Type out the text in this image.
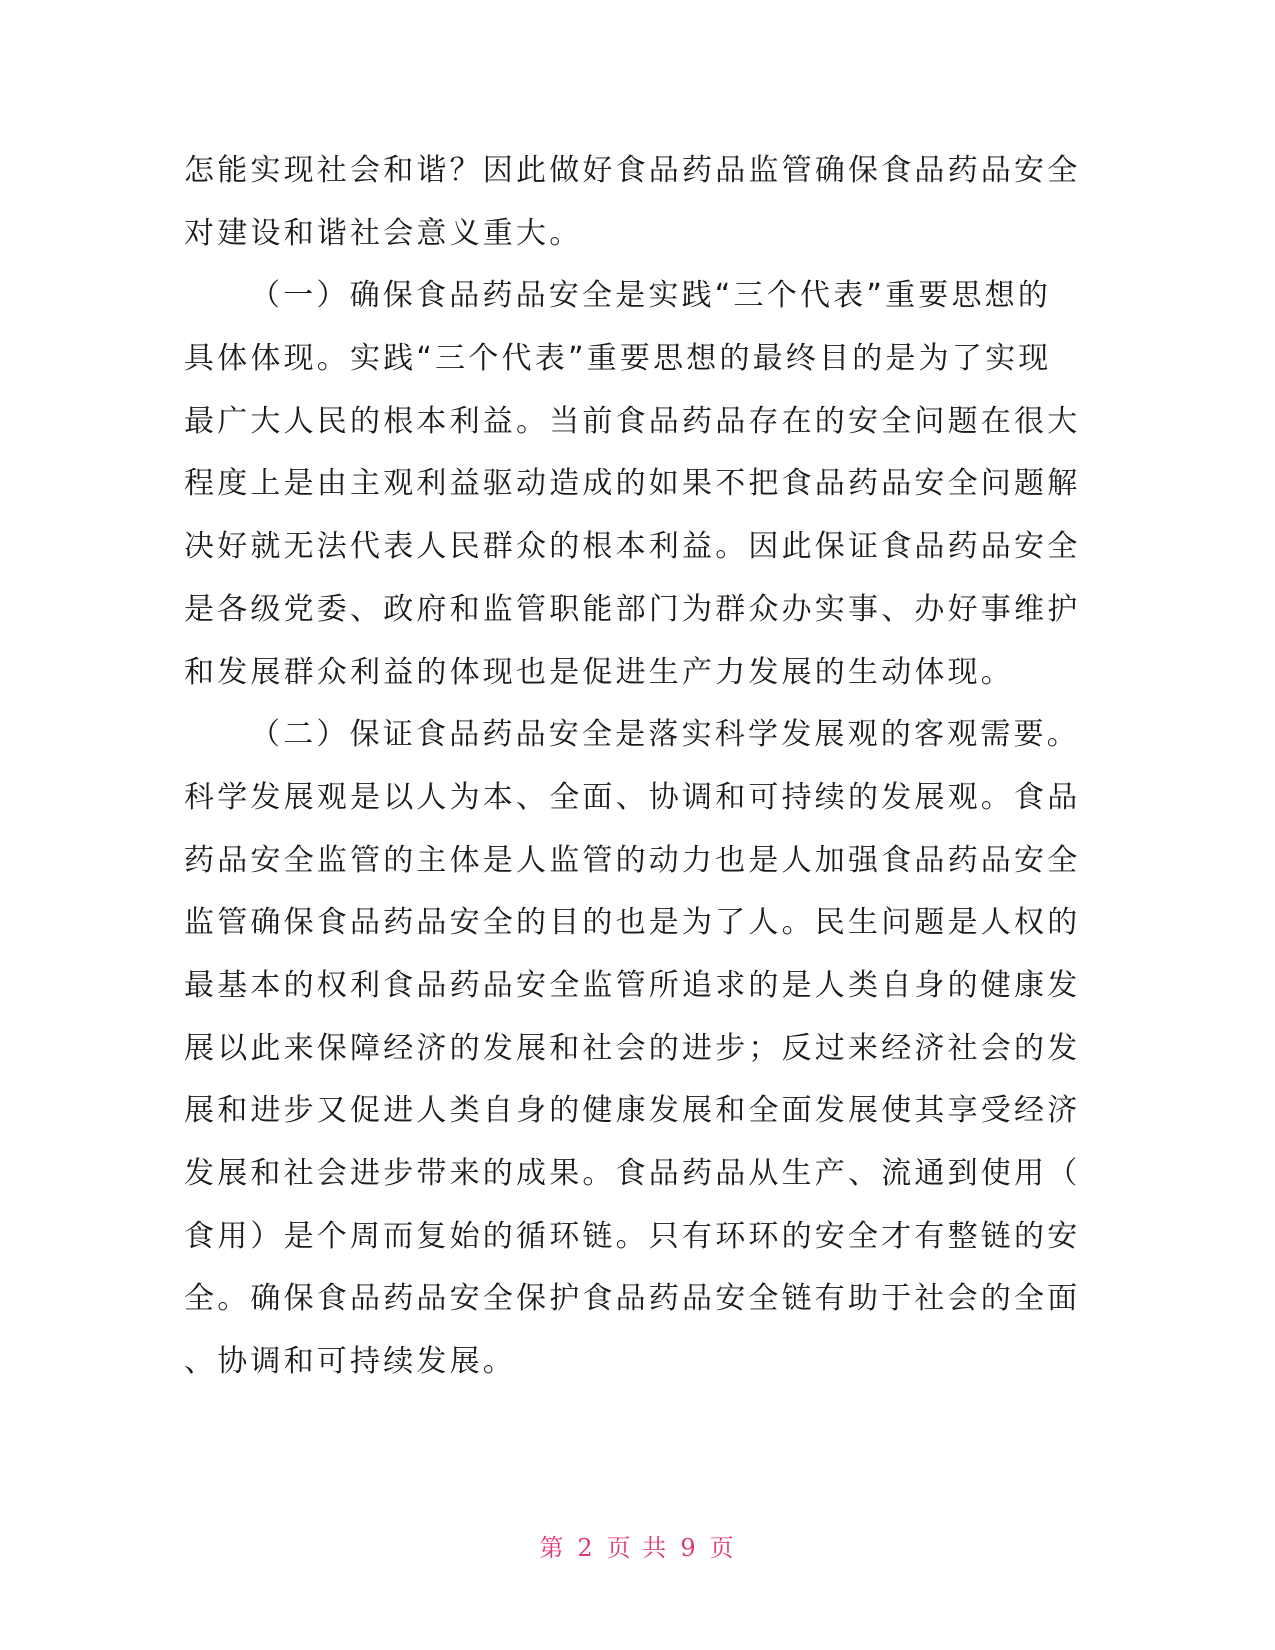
怎能实现社会和谐？因此做好食品药品监管确保食品药品安全
对建设和谐社会意义重大。
（一）确保食品药品安全是实践“三个代表”重要思想的
具体体现。实践“三个代表”重要思想的最终目的是为了实现
最广大人民的根本利益。当前食品药品存在的安全问题在很大
程度上是由主观利益驱动造成的如果不把食品药品安全问题解
决好就无法代表人民群众的根本利益。因此保证食品药品安全
是各级党委、政府和监管职能部门为群众办实事、办好事维护
和发展群众利益的体现也是促进生产力发展的生动体现。
（二）保证食品药品安全是落实科学发展观的客观需要。
科学发展观是以人为本、全面、协调和可持续的发展观。食品
药品安全监管的主体是人监管的动力也是人加强食品药品安全
监管确保食品药品安全的目的也是为了人。民生问题是人权的
最基本的权利食品药品安全监管所追求的是人类自身的健康发
展以此来保障经济的发展和社会的进步；反过来经济社会的发
展和进步又促进人类自身的健康发展和全面发展使其享受经济
发展和社会进步带来的成果。食品药品从生产、流通到使用（
食用）是个周而复始的循环链。只有环环的安全才有整链的安
全。确保食品药品安全保护食品药品安全链有助于社会的全面
、协调和可持续发展。
第 2 页 共 9 页
